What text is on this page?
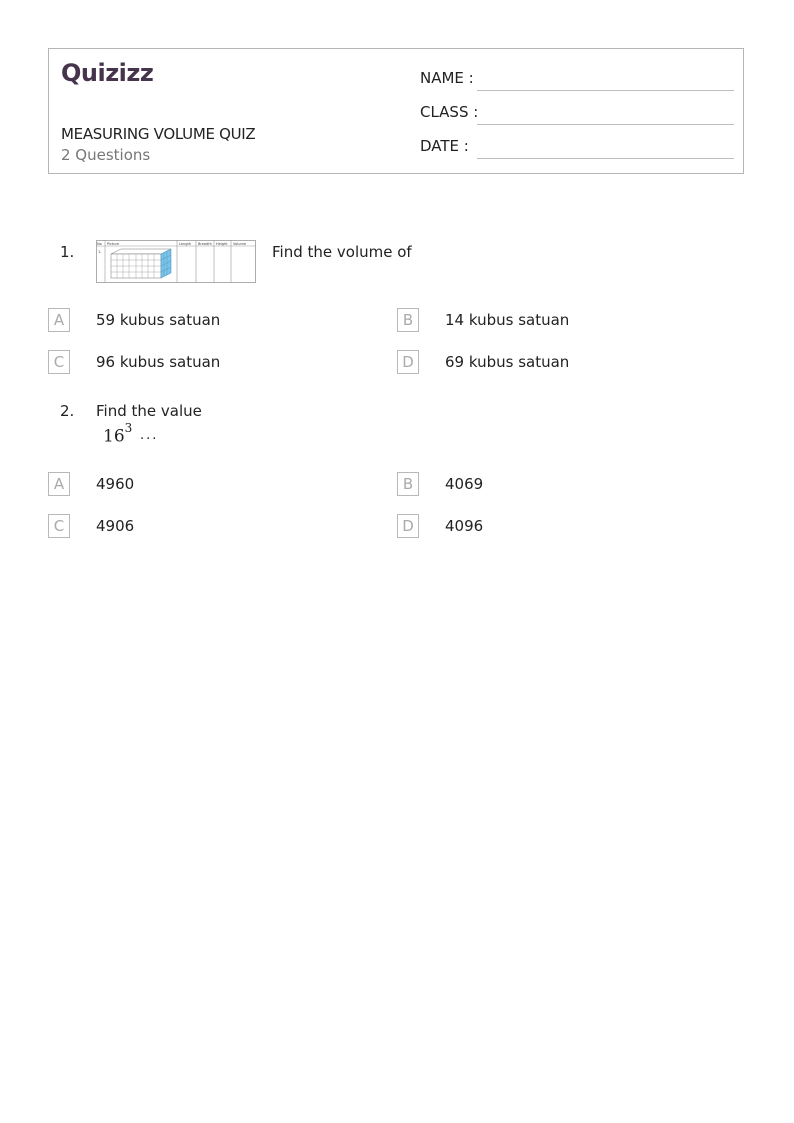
Quizizz
MEASURING VOLUME QUIZ
2 Questions
NAME :
CLASS :
DATE :
1.	No Picture	Length Breadth Height Volume
1.	Find the volume of
A	59 kubus satuan	B	14 kubus satuan
C	96 kubus satuan	D	69 kubus satuan
2. Find the value
$16^3$ ...
A	4960	B	4069
C	4906	D	4096
